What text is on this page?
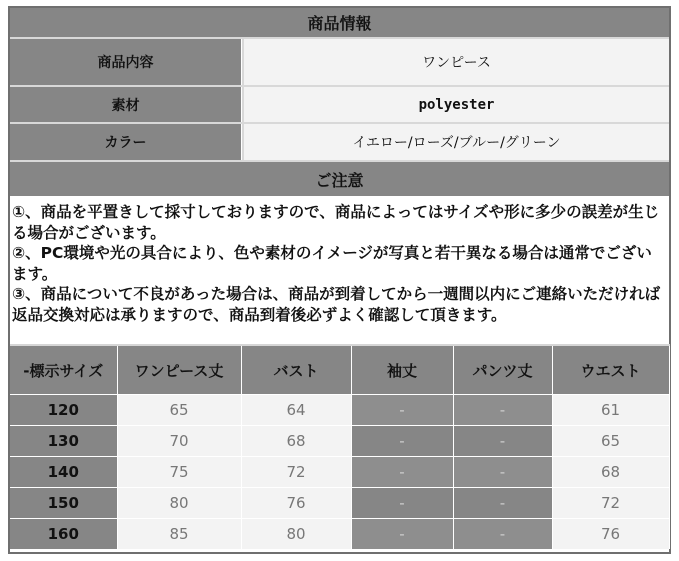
商品情報
商品内容	ワンピース
素材	polyester
カラー	イエロー/ローズ/ブルー/グリーン
ご注意

①、商品を平置きして採寸しておりますので、商品によってはサイズや形に多少の誤差が生じる場合がございます。

②、PC環境や光の具合により、色や素材のイメージが写真と若干異なる場合は通常でございます。

③、商品について不良があった場合は、商品が到着してから一週間以内にご連絡いただければ返品交換対応は承りますので、商品到着後必ずよく確認して頂きます。

-標示サイズ	ワンピース丈	バスト	袖丈	パンツ丈	ウエスト
120	65	64	-	-	61
130	70	68	-	-	65
140	75	72	-	-	68
150	80	76	-	-	72
160	85	80	-	-	76
